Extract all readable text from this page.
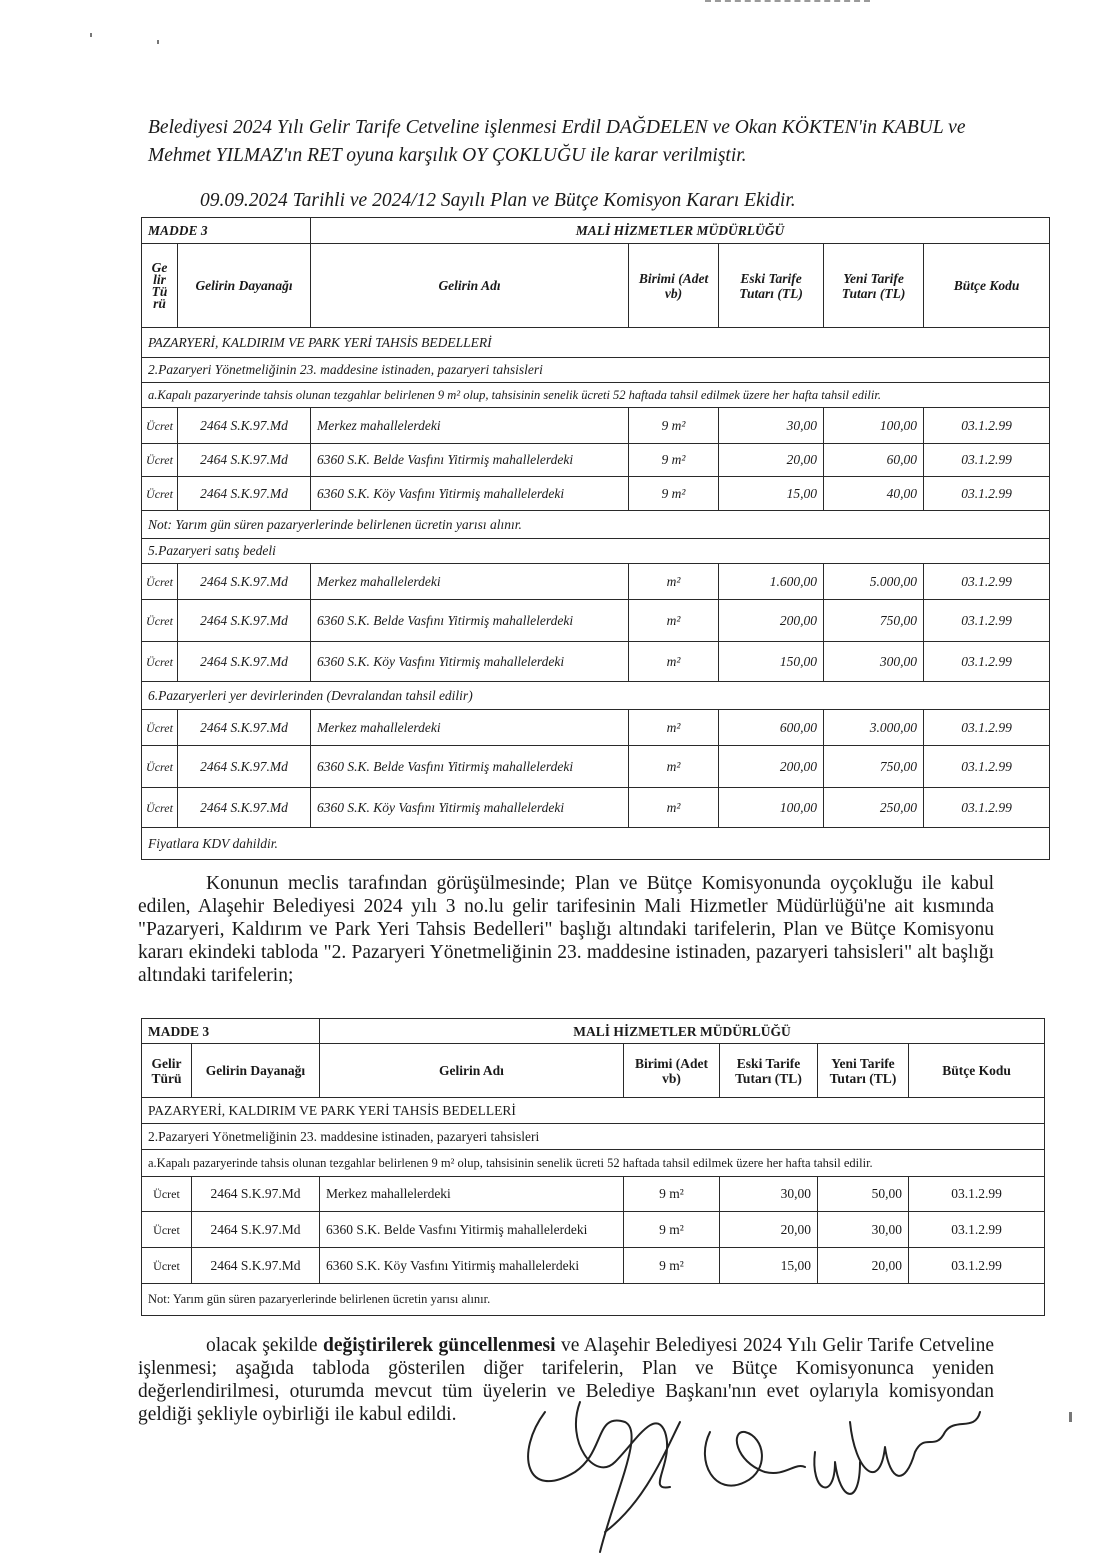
Belediyesi 2024 Yılı Gelir Tarife Cetveline işlenmesi Erdil DAĞDELEN ve Okan KÖKTEN'in KABUL ve Mehmet YILMAZ'ın RET oyuna karşılık OY ÇOKLUĞU ile karar verilmiştir.
09.09.2024 Tarihli ve 2024/12 Sayılı Plan ve Bütçe Komisyon Kararı Ekidir.
MADDE 3		MALİ HİZMETLER MÜDÜRLÜĞÜ				

Ge
lir
Tü
rü	Gelirin Dayanağı	Gelirin Adı	Birimi (Adet vb)	Eski Tarife Tutarı (TL)	Yeni Tarife Tutarı (TL)	Bütçe Kodu
PAZARYERİ, KALDIRIM VE PARK YERİ TAHSİS BEDELLERİ						
2.Pazaryeri Yönetmeliğinin 23. maddesine istinaden, pazaryeri tahsisleri						
a.Kapalı pazaryerinde tahsis olunan tezgahlar belirlenen 9 m² olup, tahsisinin senelik ücreti 52 haftada tahsil edilmek üzere her hafta tahsil edilir.						
Ücret	2464 S.K.97.Md	Merkez mahallelerdeki	9 m²	30,00	100,00	03.1.2.99
Ücret	2464 S.K.97.Md	6360 S.K. Belde Vasfını Yitirmiş mahallelerdeki	9 m²	20,00	60,00	03.1.2.99
Ücret	2464 S.K.97.Md	6360 S.K. Köy Vasfını Yitirmiş mahallelerdeki	9 m²	15,00	40,00	03.1.2.99
Not: Yarım gün süren pazaryerlerinde belirlenen ücretin yarısı alınır.						
5.Pazaryeri satış bedeli						
Ücret	2464 S.K.97.Md	Merkez mahallelerdeki	m²	1.600,00	5.000,00	03.1.2.99
Ücret	2464 S.K.97.Md	6360 S.K. Belde Vasfını Yitirmiş mahallelerdeki	m²	200,00	750,00	03.1.2.99
Ücret	2464 S.K.97.Md	6360 S.K. Köy Vasfını Yitirmiş mahallelerdeki	m²	150,00	300,00	03.1.2.99
6.Pazaryerleri yer devirlerinden (Devralandan tahsil edilir)						
Ücret	2464 S.K.97.Md	Merkez mahallelerdeki	m²	600,00	3.000,00	03.1.2.99
Ücret	2464 S.K.97.Md	6360 S.K. Belde Vasfını Yitirmiş mahallelerdeki	m²	200,00	750,00	03.1.2.99
Ücret	2464 S.K.97.Md	6360 S.K. Köy Vasfını Yitirmiş mahallelerdeki	m²	100,00	250,00	03.1.2.99
Fiyatlara KDV dahildir.						
Konunun meclis tarafından görüşülmesinde; Plan ve Bütçe Komisyonunda oyçokluğu ile kabul edilen, Alaşehir Belediyesi 2024 yılı 3 no.lu gelir tarifesinin Mali Hizmetler Müdürlüğü'ne ait kısmında "Pazaryeri, Kaldırım ve Park Yeri Tahsis Bedelleri" başlığı altındaki tarifelerin, Plan ve Bütçe Komisyonu kararı ekindeki tabloda "2. Pazaryeri Yönetmeliğinin 23. maddesine istinaden, pazaryeri tahsisleri" alt başlığı altındaki tarifelerin;
MADDE 3		MALİ HİZMETLER MÜDÜRLÜĞÜ				
Gelir Türü	Gelirin Dayanağı	Gelirin Adı	Birimi (Adet vb)	Eski Tarife Tutarı (TL)	Yeni Tarife Tutarı (TL)	Bütçe Kodu
PAZARYERİ, KALDIRIM VE PARK YERİ TAHSİS BEDELLERİ						
2.Pazaryeri Yönetmeliğinin 23. maddesine istinaden, pazaryeri tahsisleri						
a.Kapalı pazaryerinde tahsis olunan tezgahlar belirlenen 9 m² olup, tahsisinin senelik ücreti 52 haftada tahsil edilmek üzere her hafta tahsil edilir.						
Ücret	2464 S.K.97.Md	Merkez mahallelerdeki	9 m²	30,00	50,00	03.1.2.99
Ücret	2464 S.K.97.Md	6360 S.K. Belde Vasfını Yitirmiş mahallelerdeki	9 m²	20,00	30,00	03.1.2.99
Ücret	2464 S.K.97.Md	6360 S.K. Köy Vasfını Yitirmiş mahallelerdeki	9 m²	15,00	20,00	03.1.2.99
Not: Yarım gün süren pazaryerlerinde belirlenen ücretin yarısı alınır.						
olacak şekilde değiştirilerek güncellenmesi ve Alaşehir Belediyesi 2024 Yılı Gelir Tarife Cetveline işlenmesi; aşağıda tabloda gösterilen diğer tarifelerin, Plan ve Bütçe Komisyonunca yeniden değerlendirilmesi, oturumda mevcut tüm üyelerin ve Belediye Başkanı'nın evet oylarıyla komisyondan geldiği şekliyle oybirliği ile kabul edildi.
